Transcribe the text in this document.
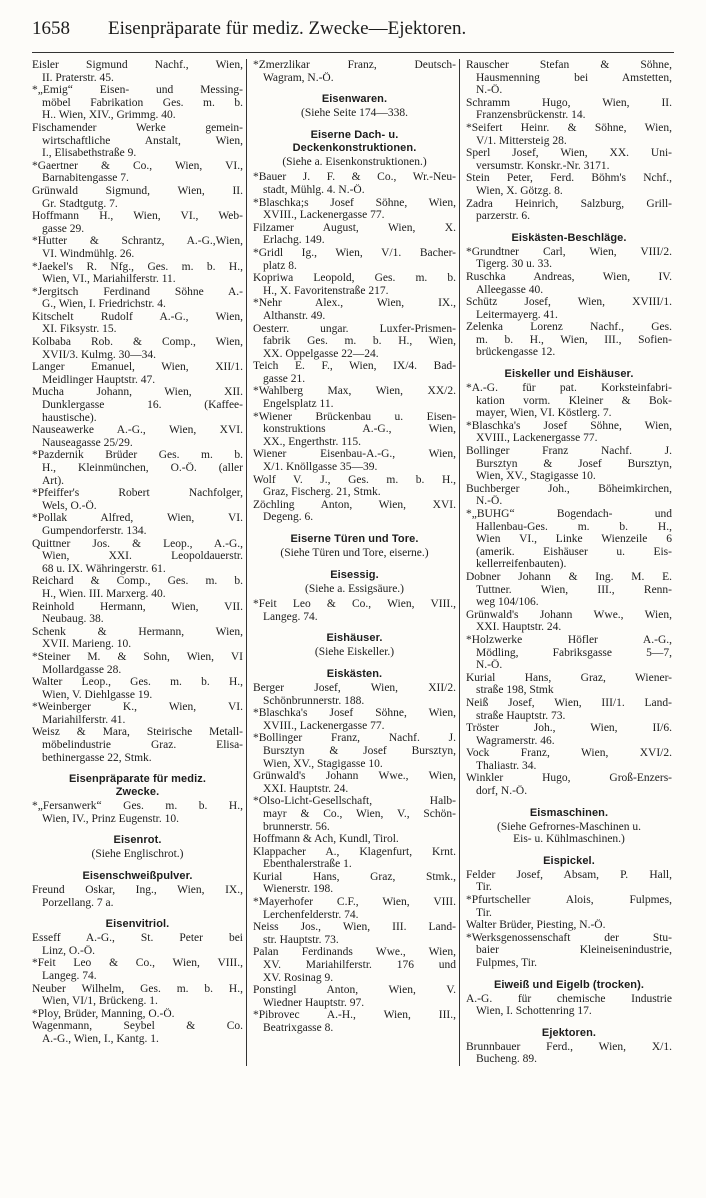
1658	Eisenpräparate für mediz. Zwecke—Ejektoren.
Eisler Sigmund Nachf., Wien,
II. Praterstr. 45.
*„Emig“ Eisen- und Messing-
möbel Fabrikation Ges. m. b.
H.. Wien, XIV., Grimmg. 40.
Fischamender Werke gemein-
wirtschaftliche Anstalt, Wien,
I., Elisabethstraße 9.
*Gaertner & Co., Wien, VI.,
Barnabitengasse 7.
Grünwald Sigmund, Wien, II.
Gr. Stadtgutg. 7.
Hoffmann H., Wien, VI., Web-
gasse 29.
*Hutter & Schrantz, A.-G.,Wien,
VI. Windmühlg. 26.
*Jaekel's R. Nfg., Ges. m. b. H.,
Wien, VI., Mariahilferstr. 11.
*Jergitsch Ferdinand Söhne A.-
G., Wien, I. Friedrichstr. 4.
Kitschelt Rudolf A.-G., Wien,
XI. Fiksystr. 15.
Kolbaba Rob. & Comp., Wien,
XVII/3. Kulmg. 30—34.
Langer Emanuel, Wien, XII/1.
Meidlinger Hauptstr. 47.
Mucha Johann, Wien, XII.
Dunklergasse 16. (Kaffee-
haustische).
Nauseawerke A.-G., Wien, XVI.
Nauseagasse 25/29.
*Pazdernik Brüder Ges. m. b.
H., Kleinmünchen, O.-Ö. (aller
Art).
*Pfeiffer's Robert Nachfolger,
Wels, O.-Ö.
*Pollak Alfred, Wien, VI.
Gumpendorferstr. 134.
Quittner Jos. & Leop., A.-G.,
Wien, XXI. Leopoldauerstr.
68 u. IX. Währingerstr. 61.
Reichard & Comp., Ges. m. b.
H., Wien. III. Marxerg. 40.
Reinhold Hermann, Wien, VII.
Neubaug. 38.
Schenk & Hermann, Wien,
XVII. Marieng. 10.
*Steiner M. & Sohn, Wien, VI
Mollardgasse 28.
Walter Leop., Ges. m. b. H.,
Wien, V. Diehlgasse 19.
*Weinberger K., Wien, VI.
Mariahilferstr. 41.
Weisz & Mara, Steirische Metall-
möbelindustrie Graz. Elisa-
bethinergasse 22, Stmk.
Eisenpräparate für mediz.
Zwecke.
*„Fersanwerk“ Ges. m. b. H.,
Wien, IV., Prinz Eugenstr. 10.
Eisenrot.
(Siehe Englischrot.)
Eisenschweißpulver.
Freund Oskar, Ing., Wien, IX.,
Porzellang. 7 a.
Eisenvitriol.
Esseff A.-G., St. Peter bei
Linz, O.-Ö.
*Feit Leo & Co., Wien, VIII.,
Langeg. 74.
Neuber Wilhelm, Ges. m. b. H.,
Wien, VI/1, Brückeng. 1.
*Ploy, Brüder, Manning, O.-Ö.
Wagenmann, Seybel & Co.
A.-G., Wien, I., Kantg. 1.
*Zmerzlikar Franz, Deutsch-
Wagram, N.-Ö.
Eisenwaren.
(Siehe Seite 174—338.
Eiserne Dach- u. Deckenkonstruktionen.
(Siehe a. Eisenkonstruktionen.)
*Bauer J. F. & Co., Wr.-Neu-
stadt, Mühlg. 4. N.-Ö.
*Blaschka;s Josef Söhne, Wien,
XVIII., Lackenergasse 77.
Filzamer August, Wien, X.
Erlachg. 149.
*Gridl Ig., Wien, V/1. Bacher-
platz 8.
Kopriwa Leopold, Ges. m. b.
H., X. Favoritenstraße 217.
*Nehr Alex., Wien, IX.,
Althanstr. 49.
Oesterr. ungar. Luxfer-Prismen-
fabrik Ges. m. b. H., Wien,
XX. Oppelgasse 22—24.
Teich E. F., Wien, IX/4. Bad-
gasse 21.
*Wahlberg Max, Wien, XX/2.
Engelsplatz 11.
*Wiener Brückenbau u. Eisen-
konstruktions A.-G., Wien,
XX., Engerthstr. 115.
Wiener Eisenbau-A.-G., Wien,
X/1. Knöllgasse 35—39.
Wolf V. J., Ges. m. b. H.,
Graz, Fischerg. 21, Stmk.
Zöchling Anton, Wien, XVI.
Degeng. 6.
Eiserne Türen und Tore.
(Siehe Türen und Tore, eiserne.)
Eisessig.
(Siehe a. Essigsäure.)
*Feit Leo & Co., Wien, VIII.,
Langeg. 74.
Eishäuser.
(Siehe Eiskeller.)
Eiskästen.
Berger Josef, Wien, XII/2.
Schönbrunnerstr. 188.
*Blaschka's Josef Söhne, Wien,
XVIII., Lackenergasse 77.
*Bollinger Franz, Nachf. J.
Bursztyn & Josef Bursztyn,
Wien, XV., Stagigasse 10.
Grünwald's Johann Wwe., Wien,
XXI. Hauptstr. 24.
*Olso-Licht-Gesellschaft, Halb-
mayr & Co., Wien, V., Schön-
brunnerstr. 56.
Hoffmann & Ach, Kundl, Tirol.
Klappacher A., Klagenfurt, Krnt.
Ebenthalerstraße 1.
Kurial Hans, Graz, Stmk.,
Wienerstr. 198.
*Mayerhofer C.F., Wien, VIII.
Lerchenfelderstr. 74.
Neiss Jos., Wien, III. Land-
str. Hauptstr. 73.
Palan Ferdinands Wwe., Wien,
XV. Mariahilferstr. 176 und
XV. Rosinag 9.
Ponstingl Anton, Wien, V.
Wiedner Hauptstr. 97.
*Pibrovec A.-H., Wien, III.,
Beatrixgasse 8.
Rauscher Stefan & Söhne,
Hausmenning bei Amstetten,
N.-Ö.
Schramm Hugo, Wien, II.
Franzensbrückenstr. 14.
*Seifert Heinr. & Söhne, Wien,
V/1. Mittersteig 28.
Sperl Josef, Wien, XX. Uni-
versumstr. Konskr.-Nr. 3171.
Stein Peter, Ferd. Böhm's Nchf.,
Wien, X. Götzg. 8.
Zadra Heinrich, Salzburg, Grill-
parzerstr. 6.
Eiskästen-Beschläge.
*Grundtner Carl, Wien, VIII/2.
Tigerg. 30 u. 33.
Ruschka Andreas, Wien, IV.
Alleegasse 40.
Schütz Josef, Wien, XVIII/1.
Leitermayerg. 41.
Zelenka Lorenz Nachf., Ges.
m. b. H., Wien, III., Sofien-
brückengasse 12.
Eiskeller und Eishäuser.
*A.-G. für pat. Korksteinfabri-
kation vorm. Kleiner & Bok-
mayer, Wien, VI. Köstlerg. 7.
*Blaschka's Josef Söhne, Wien,
XVIII., Lackenergasse 77.
Bollinger Franz Nachf. J.
Bursztyn & Josef Bursztyn,
Wien, XV., Stagigasse 10.
Buchberger Joh., Böheimkirchen,
N.-Ö.
*„BUHG“ Bogendach- und
Hallenbau-Ges. m. b. H.,
Wien VI., Linke Wienzeile 6
(amerik. Eishäuser u. Eis-
kellerreifenbauten).
Dobner Johann & Ing. M. E.
Tuttner. Wien, III., Renn-
weg 104/106.
Grünwald's Johann Wwe., Wien,
XXI. Hauptstr. 24.
*Holzwerke Höfler A.-G.,
Mödling, Fabriksgasse 5—7,
N.-Ö.
Kurial Hans, Graz, Wiener-
straße 198, Stmk
Neiß Josef, Wien, III/1. Land-
straße Hauptstr. 73.
Tröster Joh., Wien, II/6.
Wagramerstr. 46.
Vock Franz, Wien, XVI/2.
Thaliastr. 34.
Winkler Hugo, Groß-Enzers-
dorf, N.-Ö.
Eismaschinen.
(Siehe Gefrornes-Maschinen u.
Eis- u. Kühlmaschinen.)
Eispickel.
Felder Josef, Absam, P. Hall,
Tir.
*Pfurtscheller Alois, Fulpmes,
Tir.
Walter Brüder, Piesting, N.-Ö.
*Werksgenossenschaft der Stu-
baier Kleineisenindustrie,
Fulpmes, Tir.
Eiweiß und Eigelb (trocken).
A.-G. für chemische Industrie
Wien, I. Schottenring 17.
Ejektoren.
Brunnbauer Ferd., Wien, X/1.
Bucheng. 89.
